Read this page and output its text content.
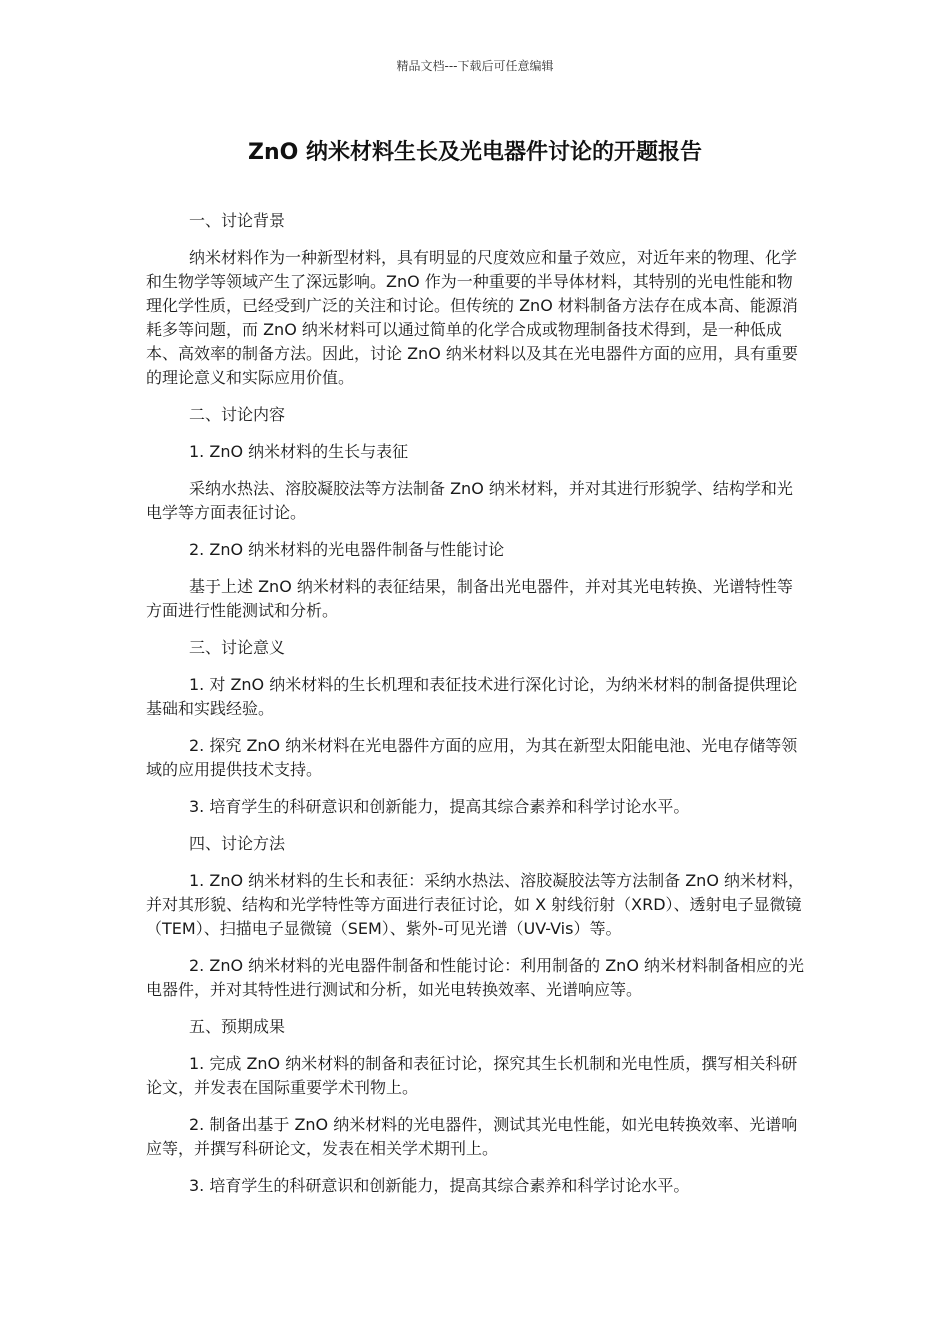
精品文档---下载后可任意编辑
ZnO 纳米材料生长及光电器件讨论的开题报告
一、讨论背景

纳米材料作为一种新型材料，具有明显的尺度效应和量子效应，对近年来的物理、化学和生物学等领域产生了深远影响。ZnO 作为一种重要的半导体材料，其特别的光电性能和物理化学性质，已经受到广泛的关注和讨论。但传统的 ZnO 材料制备方法存在成本高、能源消耗多等问题，而 ZnO 纳米材料可以通过简单的化学合成或物理制备技术得到，是一种低成本、高效率的制备方法。因此，讨论 ZnO 纳米材料以及其在光电器件方面的应用，具有重要的理论意义和实际应用价值。

二、讨论内容
1. ZnO 纳米材料的生长与表征

采纳水热法、溶胶凝胶法等方法制备 ZnO 纳米材料，并对其进行形貌学、结构学和光电学等方面表征讨论。

2. ZnO 纳米材料的光电器件制备与性能讨论

基于上述 ZnO 纳米材料的表征结果，制备出光电器件，并对其光电转换、光谱特性等方面进行性能测试和分析。

三、讨论意义

1. 对 ZnO 纳米材料的生长机理和表征技术进行深化讨论，为纳米材料的制备提供理论基础和实践经验。

2. 探究 ZnO 纳米材料在光电器件方面的应用，为其在新型太阳能电池、光电存储等领域的应用提供技术支持。

3. 培育学生的科研意识和创新能力，提高其综合素养和科学讨论水平。

四、讨论方法

1. ZnO 纳米材料的生长和表征：采纳水热法、溶胶凝胶法等方法制备 ZnO 纳米材料，并对其形貌、结构和光学特性等方面进行表征讨论，如 X 射线衍射（XRD）、透射电子显微镜（TEM）、扫描电子显微镜（SEM）、紫外-可见光谱（UV-Vis）等。

2. ZnO 纳米材料的光电器件制备和性能讨论：利用制备的 ZnO 纳米材料制备相应的光电器件，并对其特性进行测试和分析，如光电转换效率、光谱响应等。

五、预期成果

1. 完成 ZnO 纳米材料的制备和表征讨论，探究其生长机制和光电性质，撰写相关科研论文，并发表在国际重要学术刊物上。

2. 制备出基于 ZnO 纳米材料的光电器件，测试其光电性能，如光电转换效率、光谱响应等，并撰写科研论文，发表在相关学术期刊上。

3. 培育学生的科研意识和创新能力，提高其综合素养和科学讨论水平。
